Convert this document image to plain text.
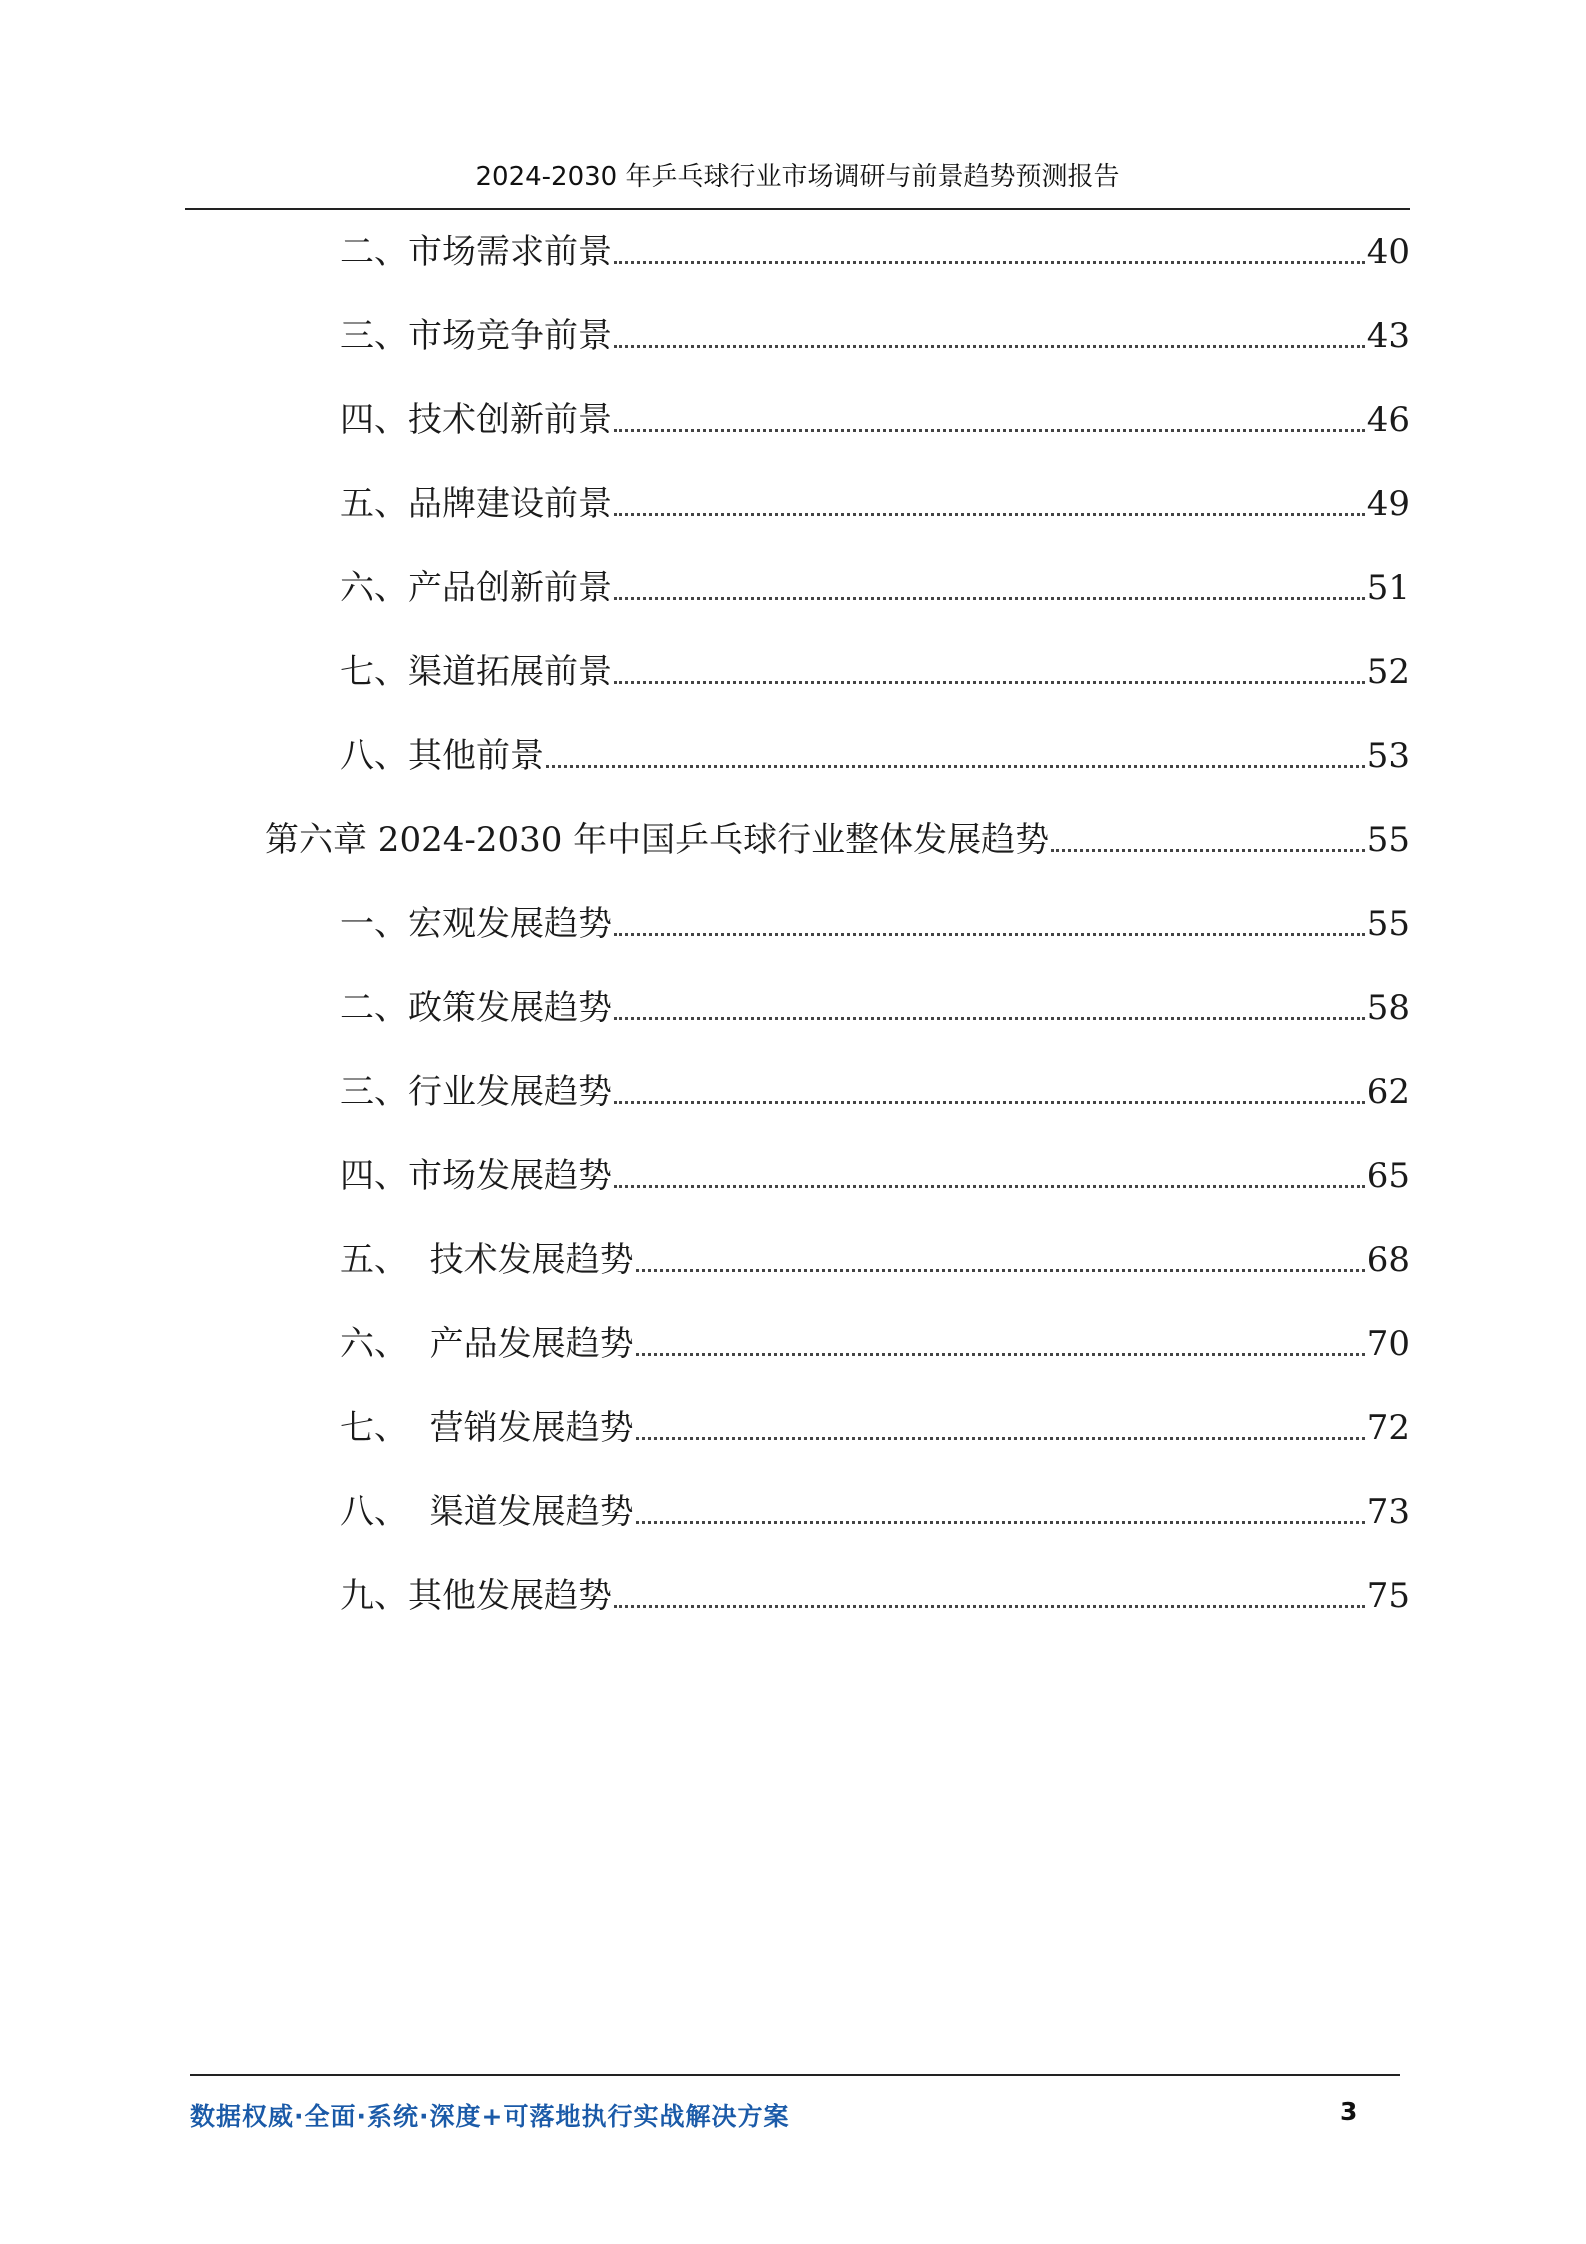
2024-2030 年乒乓球行业市场调研与前景趋势预测报告
二、市场需求前景	40
三、市场竞争前景	43
四、技术创新前景	46
五、品牌建设前景	49
六、产品创新前景	51
七、渠道拓展前景	52
八、其他前景	53
第六章 2024-2030 年中国乒乓球行业整体发展趋势	55
一、宏观发展趋势	55
二、政策发展趋势	58
三、行业发展趋势	62
四、市场发展趋势	65
五、  技术发展趋势	68
六、  产品发展趋势	70
七、  营销发展趋势	72
八、  渠道发展趋势	73
九、其他发展趋势	75
数据权威·全面·系统·深度+可落地执行实战解决方案	3
